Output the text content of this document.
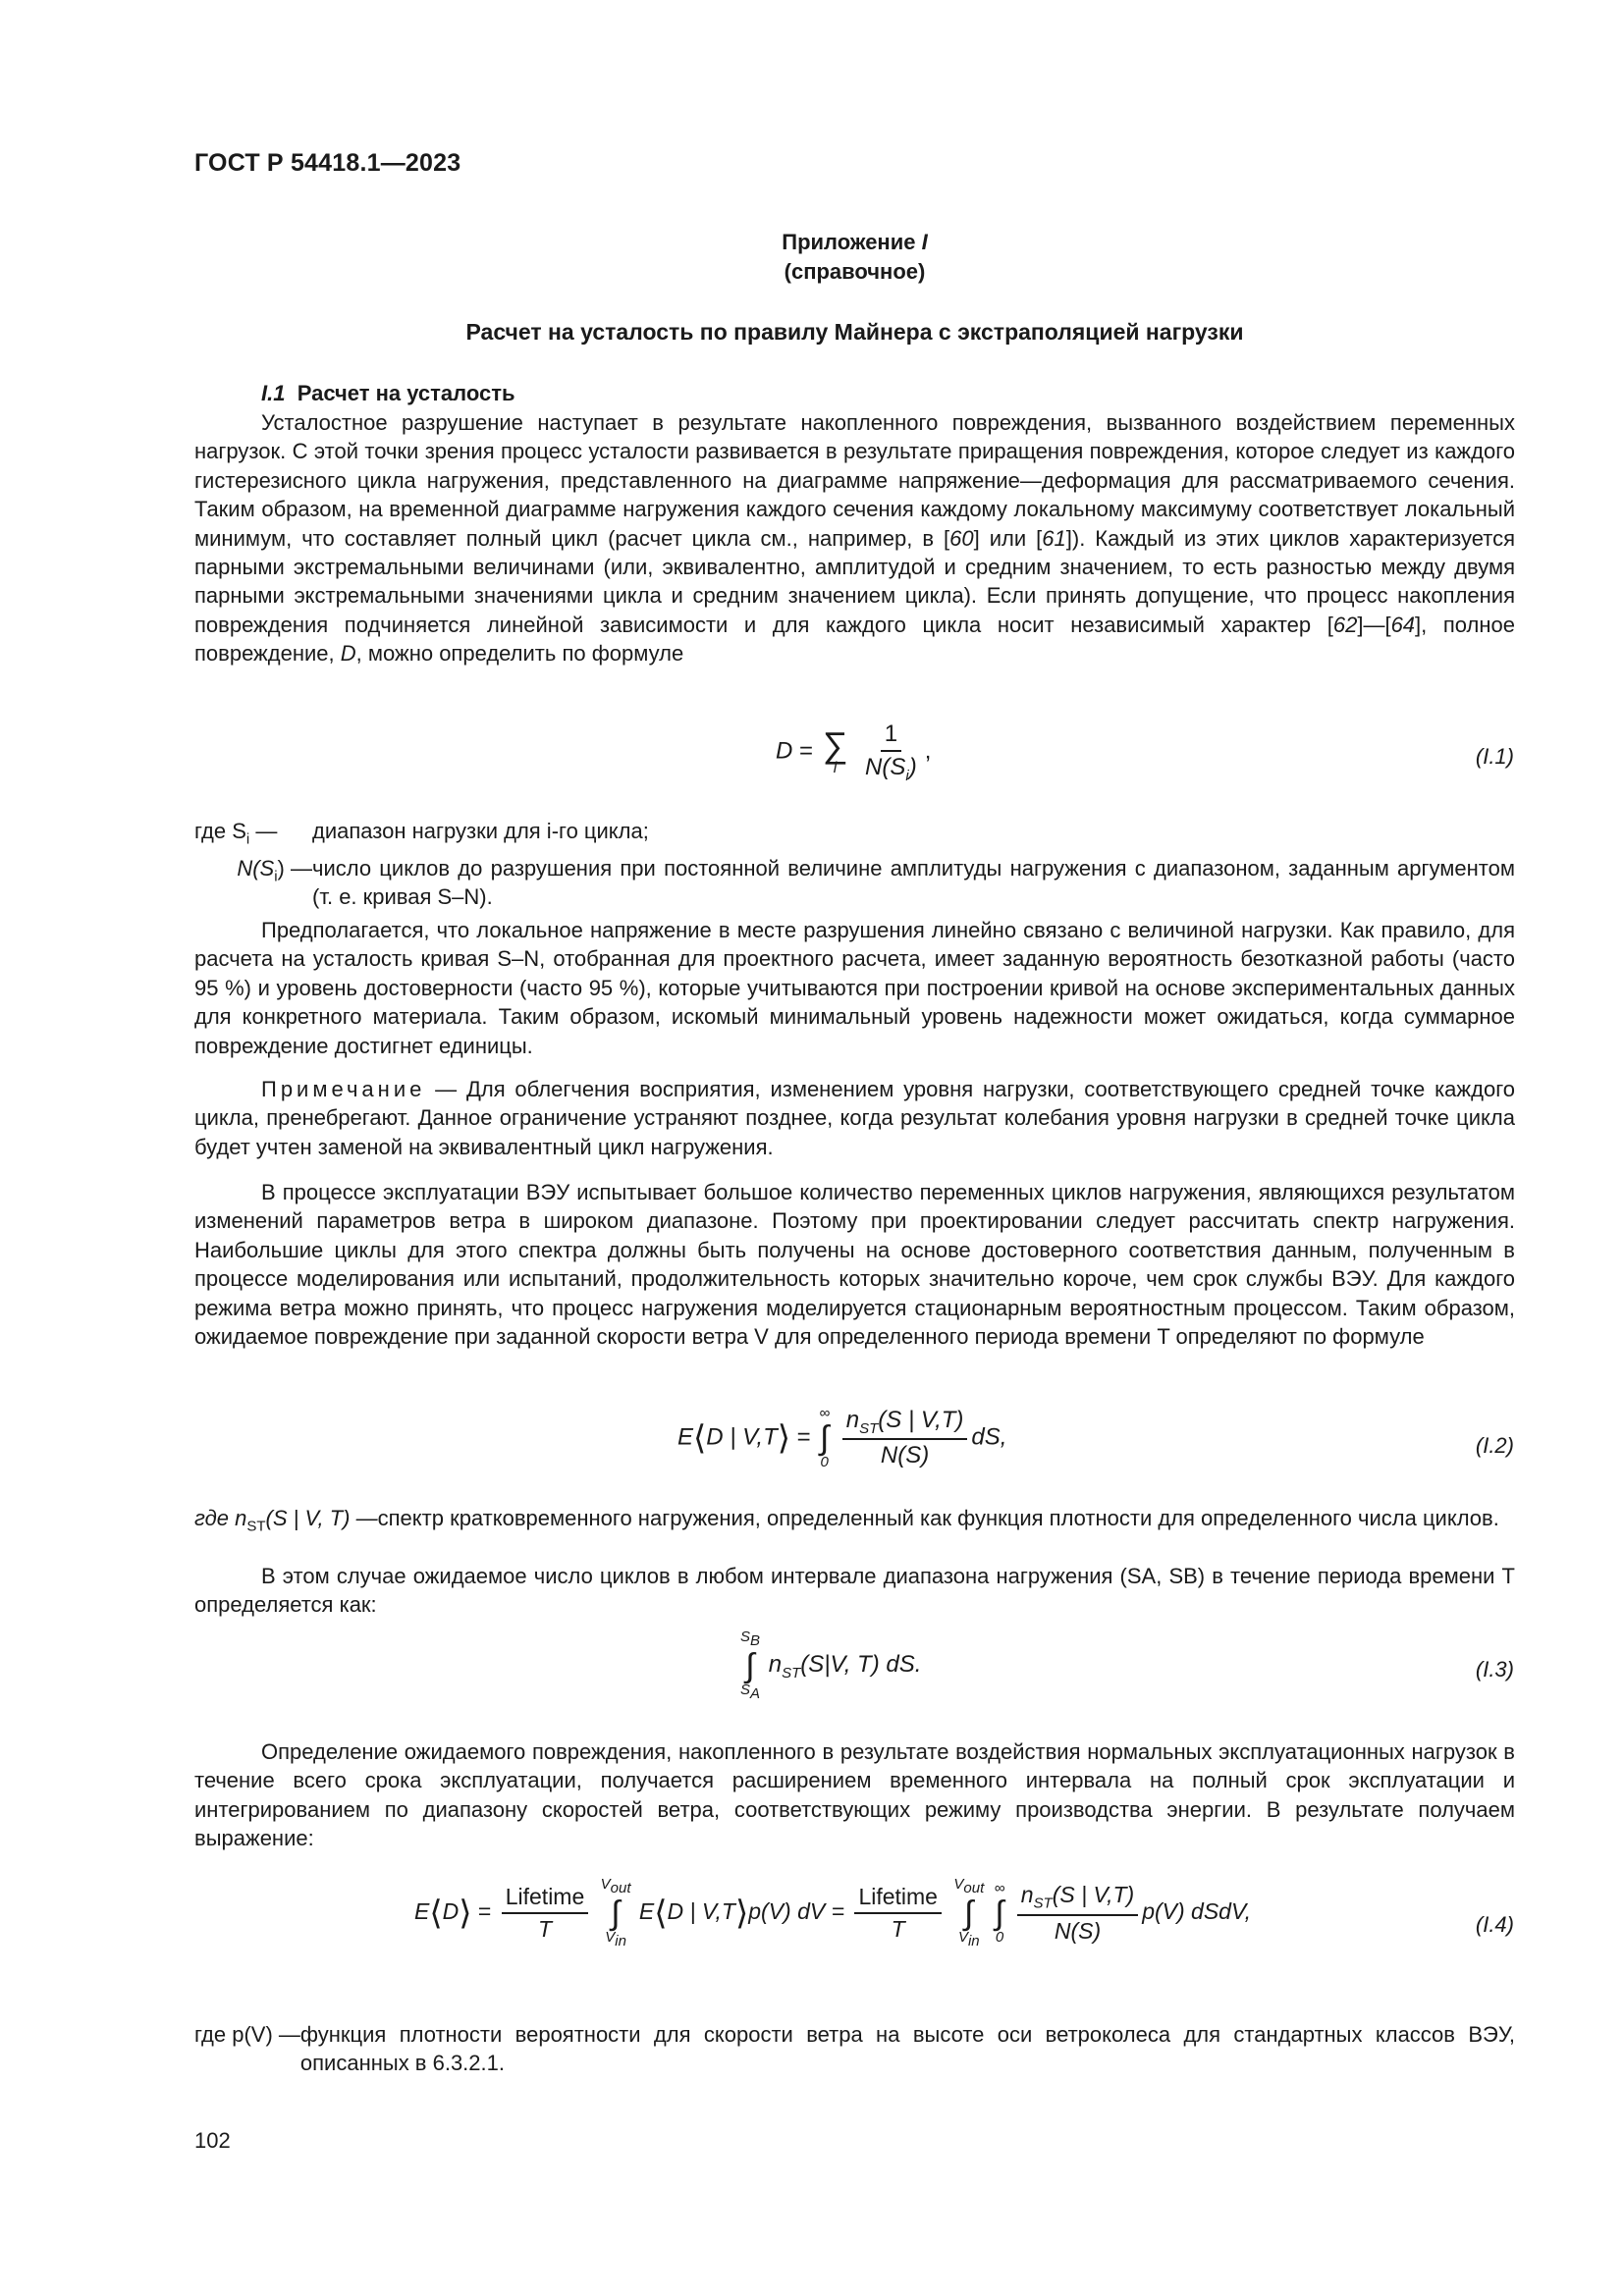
ГОСТ Р 54418.1—2023
Приложение I
(справочное)
Расчет на усталость по правилу Майнера с экстраполяцией нагрузки
I.1 Расчет на усталость

Усталостное разрушение наступает в результате накопленного повреждения, вызванного воздействием переменных нагрузок. С этой точки зрения процесс усталости развивается в результате приращения повреждения, которое следует из каждого гистерезисного цикла нагружения, представленного на диаграмме напряжение—деформация для рассматриваемого сечения. Таким образом, на временной диаграмме нагружения каждого сечения каждому локальному максимуму соответствует локальный минимум, что составляет полный цикл (расчет цикла см., например, в [60] или [61]). Каждый из этих циклов характеризуется парными экстремальными величинами (или, эквивалентно, амплитудой и средним значением, то есть разностью между двумя парными экстремальными значениями цикла и средним значением цикла). Если принять допущение, что процесс накопления повреждения подчиняется линейной зависимости и для каждого цикла носит независимый характер [62]—[64], полное повреждение, D, можно определить по формуле

D = ∑
i
$\frac{1}{N(S_i)}$ ,	(I.1)
где $S_i$ —	диапазон нагрузки для i-го цикла;
$N(S_i)$ — число циклов до разрушения при постоянной величине амплитуды нагружения с диапазоном, заданным аргументом (т. е. кривая S–N).

Предполагается, что локальное напряжение в месте разрушения линейно связано с величиной нагрузки. Как правило, для расчета на усталость кривая S–N, отобранная для проектного расчета, имеет заданную вероятность безотказной работы (часто 95 %) и уровень достоверности (часто 95 %), которые учитываются при построении кривой на основе экспериментальных данных для конкретного материала. Таким образом, искомый минимальный уровень надежности может ожидаться, когда суммарное повреждение достигнет единицы.

Примечание — Для облегчения восприятия, изменением уровня нагрузки, соответствующего средней точке каждого цикла, пренебрегают. Данное ограничение устраняют позднее, когда результат колебания уровня нагрузки в средней точке цикла будет учтен заменой на эквивалентный цикл нагружения.

В процессе эксплуатации ВЭУ испытывает большое количество переменных циклов нагружения, являющихся результатом изменений параметров ветра в широком диапазоне. Поэтому при проектировании следует рассчитать спектр нагружения. Наибольшие циклы для этого спектра должны быть получены на основе достоверного соответствия данным, полученным в процессе моделирования или испытаний, продолжительность которых значительно короче, чем срок службы ВЭУ. Для каждого режима ветра можно принять, что процесс нагружения моделируется стационарным вероятностным процессом. Таким образом, ожидаемое повреждение при заданной скорости ветра V для определенного периода времени T определяют по формуле

E⟨D | V,T⟩ =
∞
∫
0
$\frac{n_{ST}(S | V,T)}{N(S)}$ dS,	(I.2)
где $n_{ST}(S$ | V, T) — спектр кратковременного нагружения, определенный как функция плотности для определенного числа циклов.

В этом случае ожидаемое число циклов в любом интервале диапазона нагружения (SA, SB) в течение периода времени T определяется как:

$S_B$
∫
$S_A$
$n_{ST}(S|V$, T) dS.	(I.3)

Определение ожидаемого повреждения, накопленного в результате воздействия нормальных эксплуатационных нагрузок в течение всего срока эксплуатации, получается расширением временного интервала на полный срок эксплуатации и интегрированием по диапазону скоростей ветра, соответствующих режиму производства энергии. В результате получаем выражение:

E⟨D⟩ = $\frac{\text{Lifetime}}{T}$
$V_{out}$
∫
$V_{in}$
E⟨D | V,T⟩p(V) dV = $\frac{\text{Lifetime}}{T}$
$V_{out}$
∫
$V_{in}$

∞
∫
0
$\frac{n_{ST}(S | V,T)}{N(S)} p(V)$ dSdV,
(I.4)
где p(V) — функция плотности вероятности для скорости ветра на высоте оси ветроколеса для стандартных классов ВЭУ, описанных в 6.3.2.1.
102
